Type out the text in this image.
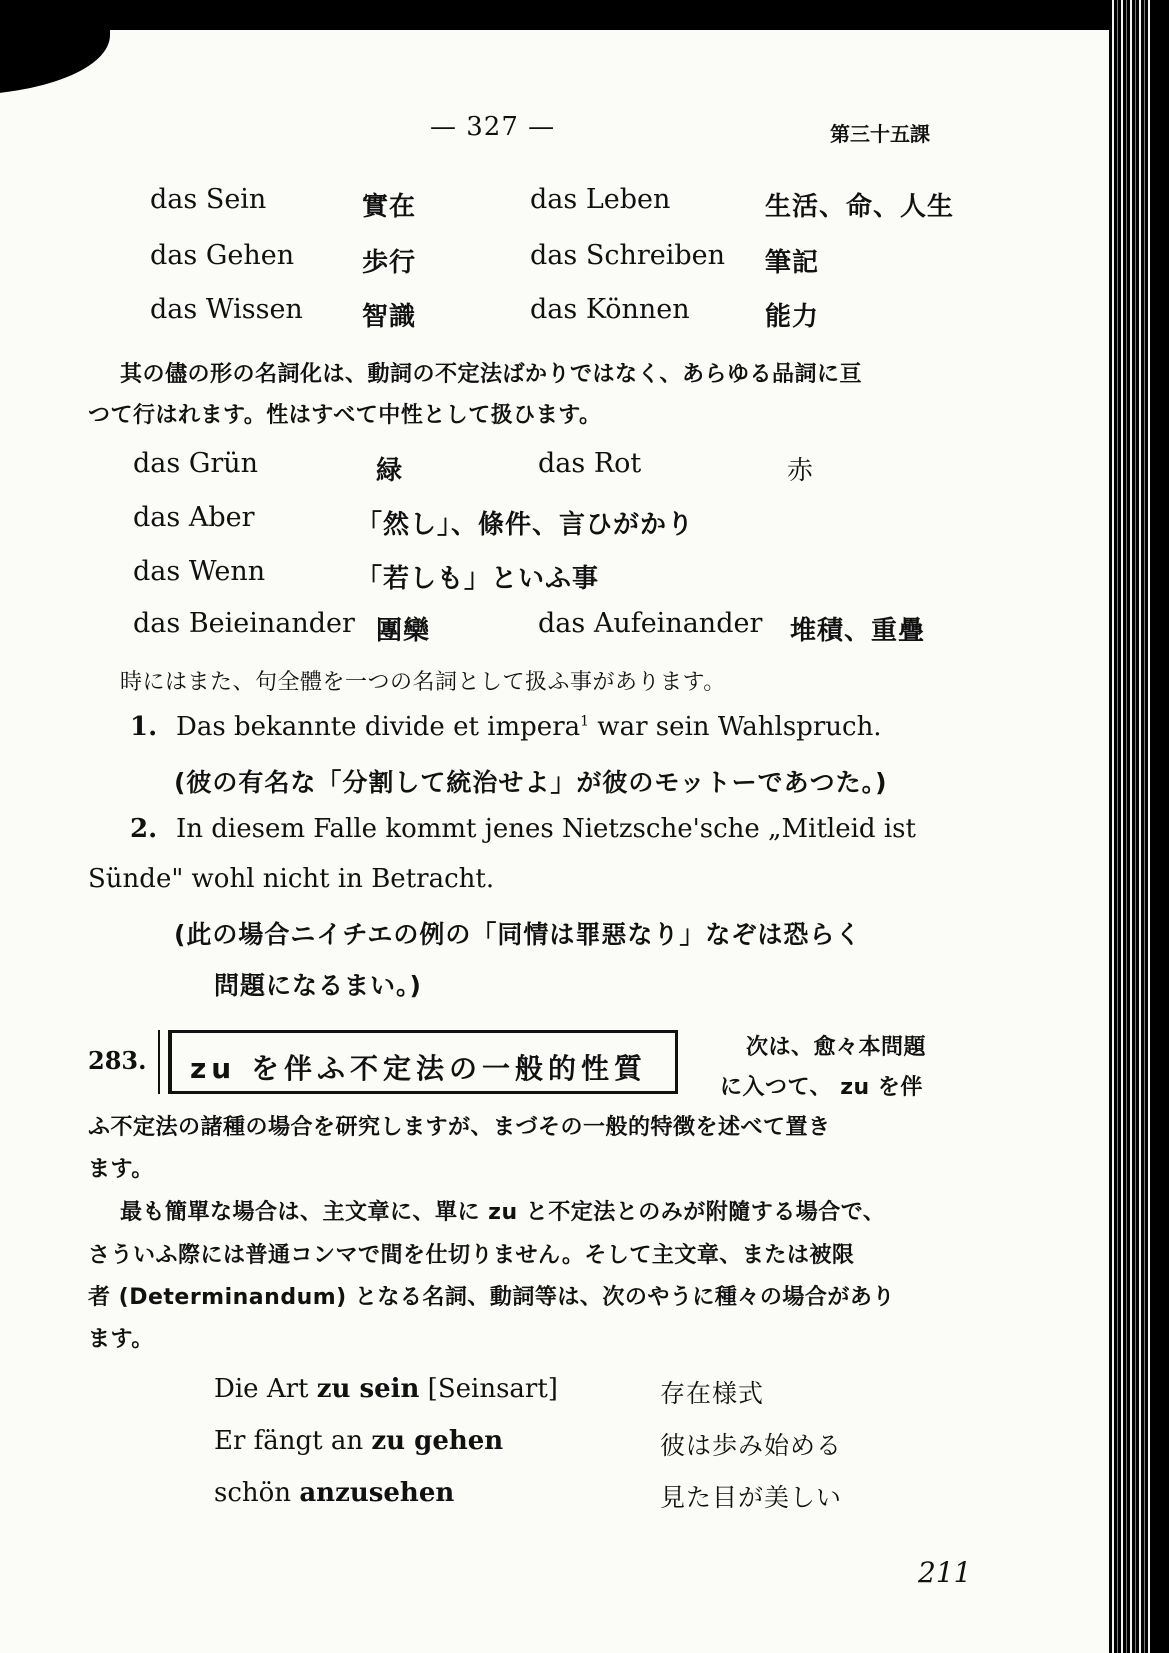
— 327 —	第三十五課
das Sein	實在	das Leben	生活、命、人生
das Gehen	歩行	das Schreiben 筆記
das Wissen 智識	das Können	能力
其の儘の形の名詞化は、動詞の不定法ばかりではなく、あらゆる品詞に亘
つて行はれます。性はすべて中性として扱ひます。
das Grün	緑	das Rot	赤
das Aber	「然し」、條件、言ひがかり
das Wenn	「若しも」といふ事
das Beieinander 團欒	das Aufeinander 堆積、重疊
時にはまた、句全體を一つの名詞として扱ふ事があります。
1. Das bekannte divide et impera$^1$ war sein Wahlspruch.
(彼の有名な「分割して統治せよ」が彼のモットーであつた。)
2. In diesem Falle kommt jenes Nietzsche'sche „Mitleid ist
Sünde" wohl nicht in Betracht.
(此の場合ニイチエの例の「同情は罪惡なり」なぞは恐らく
問題になるまい。)
283. zu を伴ふ不定法の一般的性質
次は、愈々本問題
に入つて、 zu を伴
ふ不定法の諸種の場合を研究しますが、まづその一般的特徴を述べて置き
ます。
最も簡單な場合は、主文章に、單に zu と不定法とのみが附隨する場合で、
さういふ際には普通コンマで間を仕切りません。そして主文章、または被限
者 (Determinandum) となる名詞、動詞等は、次のやうに種々の場合があり
ます。
Die Art zu sein [Seinsart]	存在様式
Er fängt an zu gehen	彼は歩み始める
schön anzusehen	見た目が美しい
211
